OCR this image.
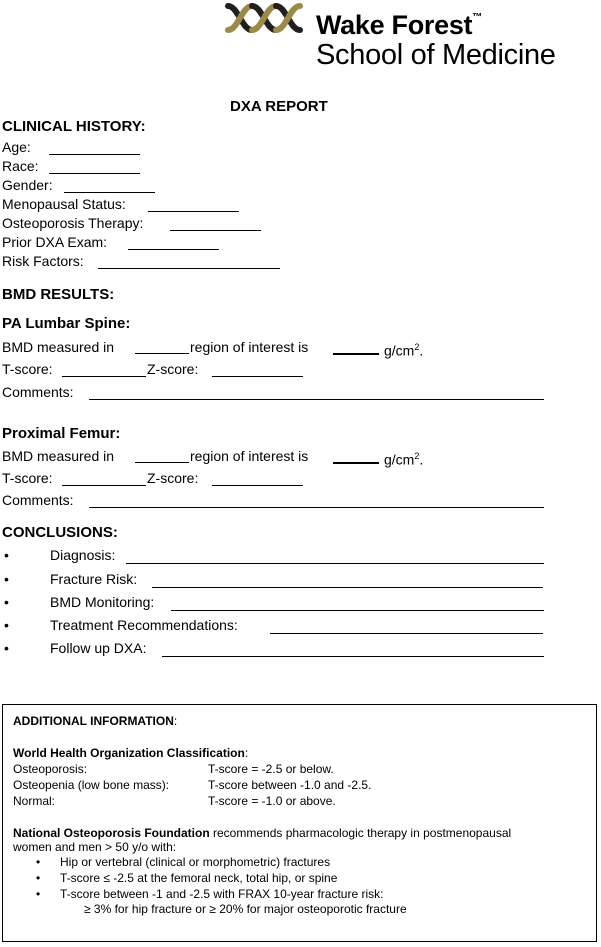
Wake Forest™
School of Medicine
DXA REPORT
CLINICAL HISTORY:
Age:
Race:
Gender:
Menopausal Status:
Osteoporosis Therapy:
Prior DXA Exam:
Risk Factors:
BMD RESULTS:
PA Lumbar Spine:
BMD measured in	region of interest is	$g/cm^2$.
T-score:	Z-score:
Comments:
Proximal Femur:
BMD measured in	region of interest is	$g/cm^2$.
T-score:	Z-score:
Comments:
CONCLUSIONS:
•	Diagnosis:
•	Fracture Risk:
•	BMD Monitoring:
•	Treatment Recommendations:
•	Follow up DXA:
ADDITIONAL INFORMATION:
World Health Organization Classification:
Osteoporosis:	T-score = -2.5 or below.
Osteopenia (low bone mass):	T-score between -1.0 and -2.5.
Normal:	T-score = -1.0 or above.
National Osteoporosis Foundation recommends pharmacologic therapy in postmenopausal
women and men > 50 y/o with:
• Hip or vertebral (clinical or morphometric) fractures
• T-score ≤ -2.5 at the femoral neck, total hip, or spine
• T-score between -1 and -2.5 with FRAX 10-year fracture risk:
≥ 3% for hip fracture or ≥ 20% for major osteoporotic fracture
